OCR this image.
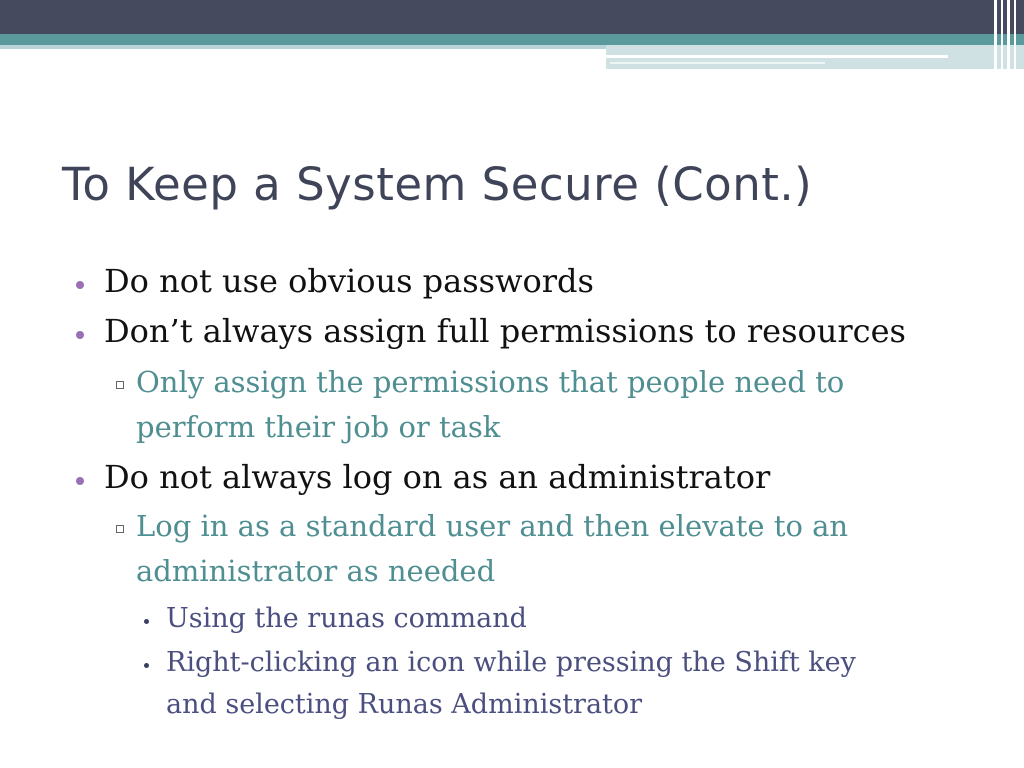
To Keep a System Secure (Cont.)
Do not use obvious passwords
Don’t always assign full permissions to resources
Only assign the permissions that people need to
perform their job or task
Do not always log on as an administrator
Log in as a standard user and then elevate to an
administrator as needed
Using the runas command
Right-clicking an icon while pressing the Shift key
and selecting Runas Administrator
